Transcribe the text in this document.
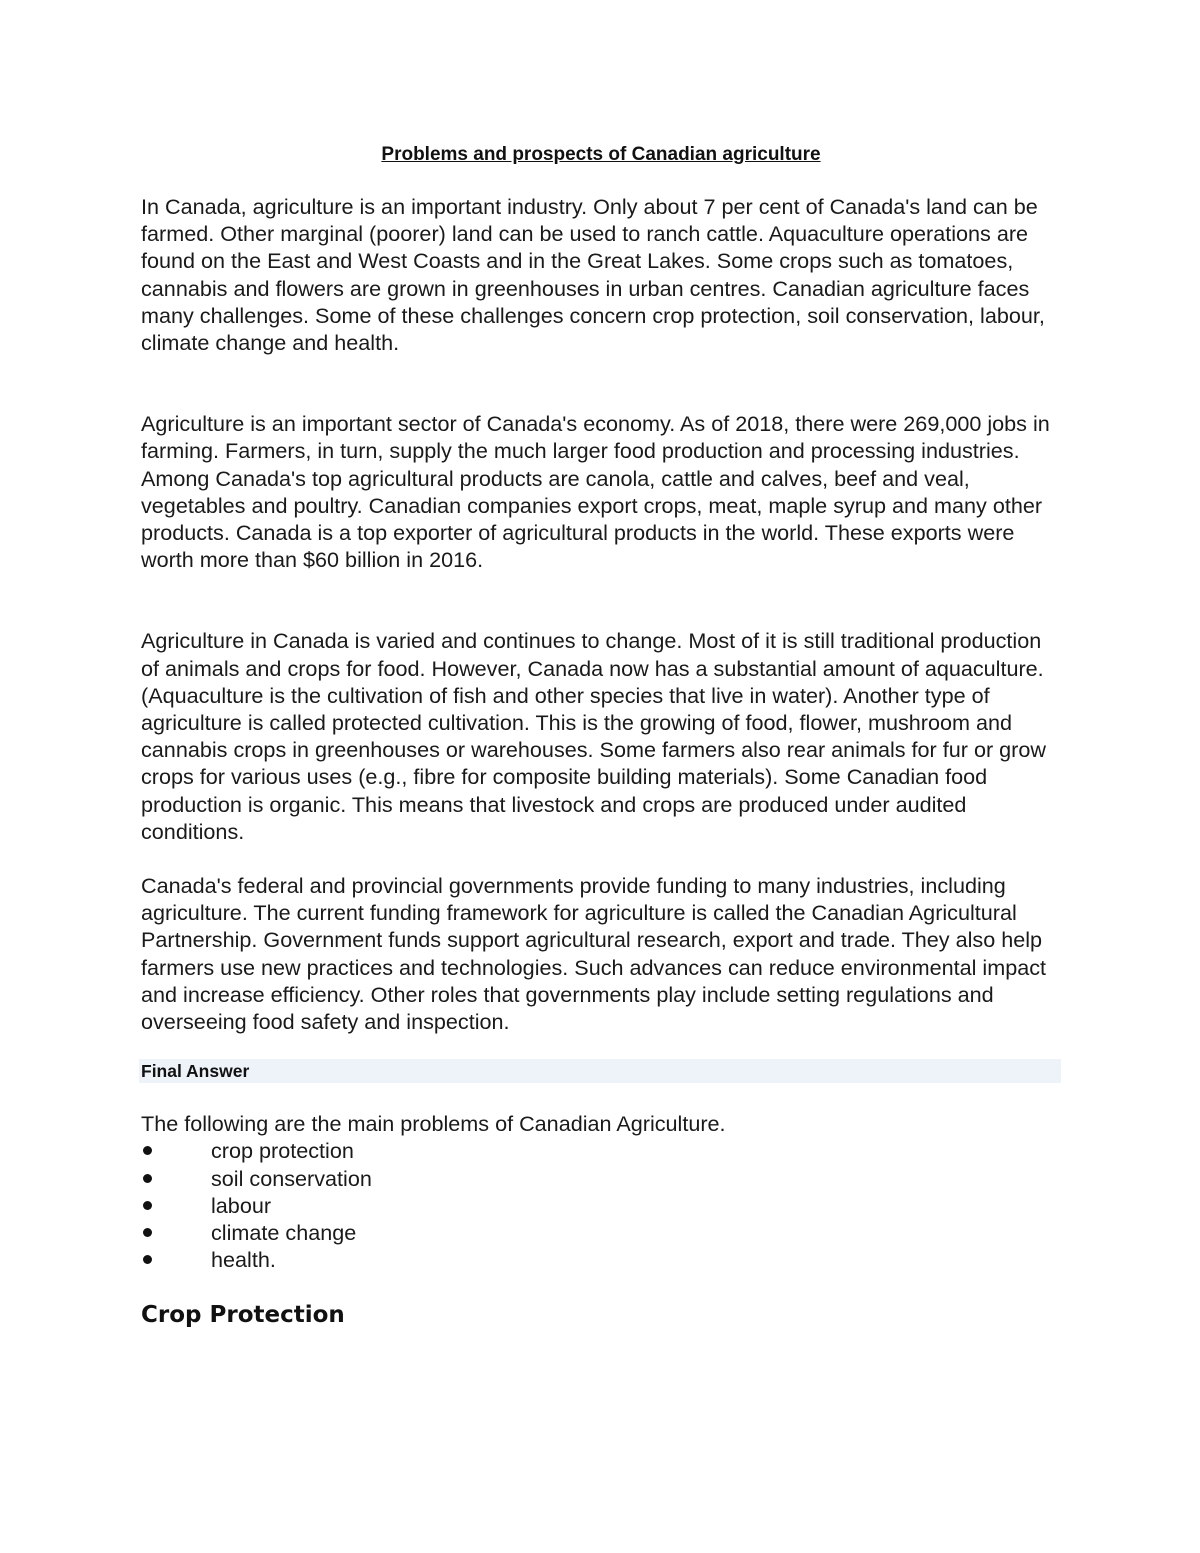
Problems and prospects of Canadian agriculture

In Canada, agriculture is an important industry. Only about 7 per cent of Canada's land can be farmed. Other marginal (poorer) land can be used to ranch cattle. Aquaculture operations are found on the East and West Coasts and in the Great Lakes. Some crops such as tomatoes, cannabis and flowers are grown in greenhouses in urban centres. Canadian agriculture faces many challenges. Some of these challenges concern crop protection, soil conservation, labour, climate change and health.

Agriculture is an important sector of Canada's economy. As of 2018, there were 269,000 jobs in farming. Farmers, in turn, supply the much larger food production and processing industries.

Among Canada's top agricultural products are canola, cattle and calves, beef and veal, vegetables and poultry. Canadian companies export crops, meat, maple syrup and many other products. Canada is a top exporter of agricultural products in the world. These exports were worth more than $60 billion in 2016.

Agriculture in Canada is varied and continues to change. Most of it is still traditional production of animals and crops for food. However, Canada now has a substantial amount of aquaculture. (Aquaculture is the cultivation of fish and other species that live in water). Another type of agriculture is called protected cultivation. This is the growing of food, flower, mushroom and cannabis crops in greenhouses or warehouses. Some farmers also rear animals for fur or grow crops for various uses (e.g., fibre for composite building materials). Some Canadian food production is organic. This means that livestock and crops are produced under audited conditions.

Canada's federal and provincial governments provide funding to many industries, including agriculture. The current funding framework for agriculture is called the Canadian Agricultural Partnership. Government funds support agricultural research, export and trade. They also help farmers use new practices and technologies. Such advances can reduce environmental impact and increase efficiency. Other roles that governments play include setting regulations and overseeing food safety and inspection.

Final Answer

The following are the main problems of Canadian Agriculture.

crop protection
soil conservation
labour
climate change
health.
Crop Protection
